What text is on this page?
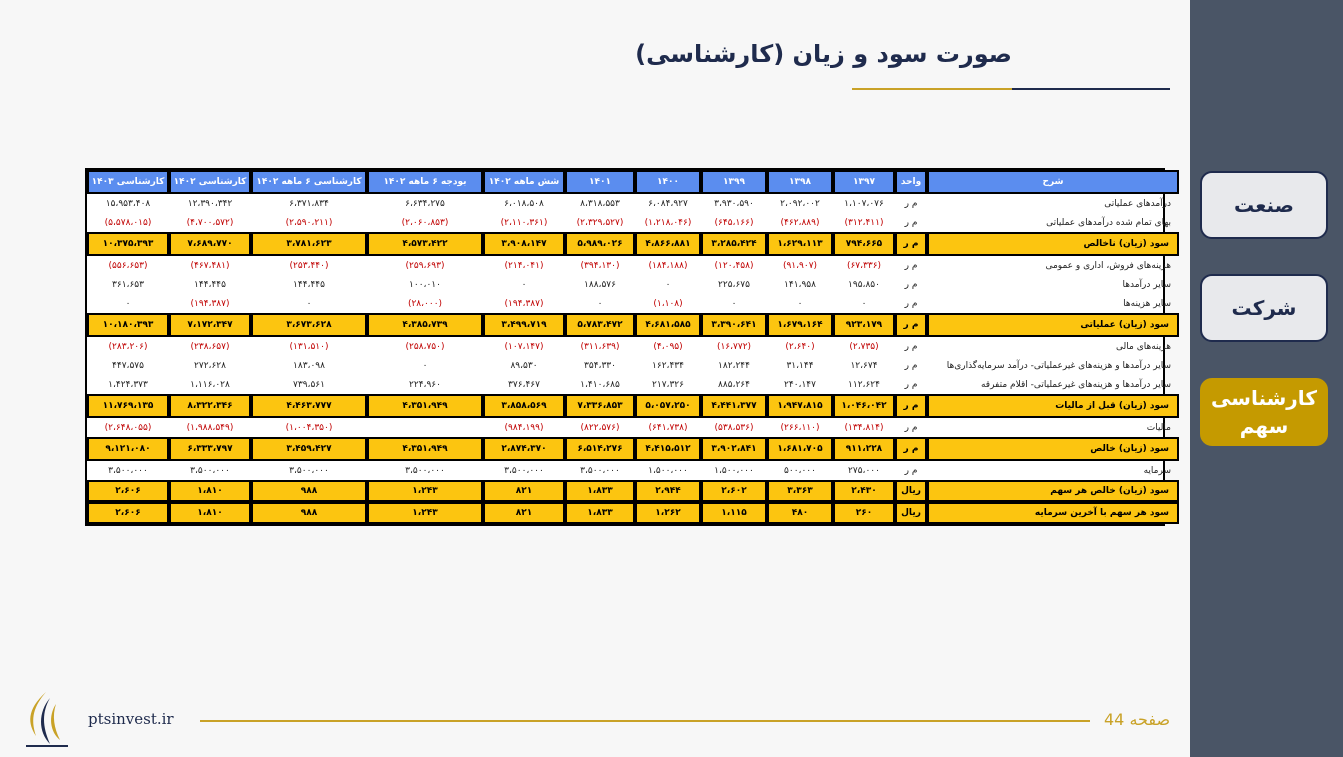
صورت سود و زیان (کارشناسی)
شرح	واحد	۱۳۹۷	۱۳۹۸	۱۳۹۹	۱۴۰۰	۱۴۰۱	شش ماهه ۱۴۰۲	بودجه ۶ ماهه ۱۴۰۲	کارشناسی ۶ ماهه ۱۴۰۲	کارشناسی ۱۴۰۲	کارشناسی ۱۴۰۳
درآمدهای عملیاتی	م ر	۱،۱۰۷،۰۷۶	۲،۰۹۲،۰۰۲	۳،۹۳۰،۵۹۰	۶،۰۸۴،۹۲۷	۸،۳۱۸،۵۵۳	۶،۰۱۸،۵۰۸	۶،۶۳۴،۲۷۵	۶،۳۷۱،۸۳۴	۱۲،۳۹۰،۳۴۲	۱۵،۹۵۳،۴۰۸
بهای تمام شده درآمدهای عملیاتی	م ر	(۳۱۲،۴۱۱)	(۴۶۲،۸۸۹)	(۶۴۵،۱۶۶)	(۱،۲۱۸،۰۴۶)	(۲،۳۲۹،۵۲۷)	(۲،۱۱۰،۳۶۱)	(۲،۰۶۰،۸۵۳)	(۲،۵۹۰،۲۱۱)	(۴،۷۰۰،۵۷۲)	(۵،۵۷۸،۰۱۵)
سود (زیان) ناخالص	م ر	۷۹۴،۶۶۵	۱،۶۲۹،۱۱۳	۳،۲۸۵،۴۲۴	۴،۸۶۶،۸۸۱	۵،۹۸۹،۰۲۶	۳،۹۰۸،۱۴۷	۴،۵۷۳،۴۲۲	۳،۷۸۱،۶۲۳	۷،۶۸۹،۷۷۰	۱۰،۳۷۵،۳۹۳
هزینه‌های فروش، اداری و عمومی	م ر	(۶۷،۳۳۶)	(۹۱،۹۰۷)	(۱۲۰،۴۵۸)	(۱۸۴،۱۸۸)	(۳۹۴،۱۳۰)	(۲۱۴،۰۴۱)	(۲۵۹،۶۹۳)	(۲۵۳،۴۴۰)	(۴۶۷،۴۸۱)	(۵۵۶،۶۵۳)
سایر درآمدها	م ر	۱۹۵،۸۵۰	۱۴۱،۹۵۸	۲۲۵،۶۷۵	۰	۱۸۸،۵۷۶	۰	۱۰۰،۰۱۰	۱۴۴،۴۴۵	۱۴۴،۴۴۵	۳۶۱،۶۵۳
سایر هزینه‌ها	م ر	۰	۰	۰	(۱،۱۰۸)	۰	(۱۹۴،۳۸۷)	(۲۸،۰۰۰)	۰	(۱۹۴،۳۸۷)	۰
سود (زیان) عملیاتی	م ر	۹۲۳،۱۷۹	۱،۶۷۹،۱۶۴	۳،۳۹۰،۶۴۱	۴،۶۸۱،۵۸۵	۵،۷۸۳،۴۷۲	۳،۴۹۹،۷۱۹	۴،۳۸۵،۷۳۹	۳،۶۷۳،۶۲۸	۷،۱۷۲،۳۴۷	۱۰،۱۸۰،۳۹۳
هزینه‌های مالی	م ر	(۲،۷۳۵)	(۲،۶۴۰)	(۱۶،۷۷۲)	(۴،۰۹۵)	(۳۱۱،۶۳۹)	(۱۰۷،۱۴۷)	(۲۵۸،۷۵۰)	(۱۳۱،۵۱۰)	(۲۳۸،۶۵۷)	(۲۸۳،۲۰۶)
سایر درآمدها و هزینه‌های غیرعملیاتی- درآمد سرمایه‌گذاری‌ها	م ر	۱۲،۶۷۴	۳۱،۱۴۴	۱۸۲،۲۴۴	۱۶۲،۴۳۴	۳۵۴،۳۳۰	۸۹،۵۳۰	۰	۱۸۳،۰۹۸	۲۷۲،۶۲۸	۴۴۷،۵۷۵
سایر درآمدها و هزینه‌های غیرعملیاتی- اقلام متفرقه	م ر	۱۱۲،۶۲۴	۲۴۰،۱۴۷	۸۸۵،۲۶۴	۲۱۷،۳۲۶	۱،۴۱۰،۶۸۵	۳۷۶،۴۶۷	۲۲۴،۹۶۰	۷۳۹،۵۶۱	۱،۱۱۶،۰۲۸	۱،۴۲۴،۳۷۳
سود (زیان) قبل از مالیات	م ر	۱،۰۴۶،۰۴۲	۱،۹۴۷،۸۱۵	۴،۴۴۱،۳۷۷	۵،۰۵۷،۲۵۰	۷،۳۳۶،۸۵۳	۳،۸۵۸،۵۶۹	۴،۳۵۱،۹۴۹	۴،۴۶۳،۷۷۷	۸،۳۲۲،۳۴۶	۱۱،۷۶۹،۱۳۵
مالیات	م ر	(۱۳۴،۸۱۴)	(۲۶۶،۱۱۰)	(۵۳۸،۵۳۶)	(۶۴۱،۷۳۸)	(۸۲۲،۵۷۶)	(۹۸۴،۱۹۹)		(۱،۰۰۴،۳۵۰)	(۱،۹۸۸،۵۴۹)	(۲،۶۴۸،۰۵۵)
سود (زیان) خالص	م ر	۹۱۱،۲۲۸	۱،۶۸۱،۷۰۵	۳،۹۰۲،۸۴۱	۴،۴۱۵،۵۱۲	۶،۵۱۴،۲۷۶	۲،۸۷۴،۳۷۰	۴،۳۵۱،۹۴۹	۳،۴۵۹،۴۲۷	۶،۳۳۳،۷۹۷	۹،۱۲۱،۰۸۰
سرمایه	م ر	۲۷۵،۰۰۰	۵۰۰،۰۰۰	۱،۵۰۰،۰۰۰	۱،۵۰۰،۰۰۰	۳،۵۰۰،۰۰۰	۳،۵۰۰،۰۰۰	۳،۵۰۰،۰۰۰	۳،۵۰۰،۰۰۰	۳،۵۰۰،۰۰۰	۳،۵۰۰،۰۰۰
سود (زیان) خالص هر سهم	ریال	۲،۴۳۰	۳،۳۶۳	۲،۶۰۲	۲،۹۴۴	۱،۸۳۳	۸۲۱	۱،۲۴۳	۹۸۸	۱،۸۱۰	۲،۶۰۶
سود هر سهم با آخرین سرمایه	ریال	۲۶۰	۴۸۰	۱،۱۱۵	۱،۲۶۲	۱،۸۳۳	۸۲۱	۱،۲۴۳	۹۸۸	۱،۸۱۰	۲،۶۰۶
ptsinvest.ir	صفحه 44
صنعت
شرکت
کارشناسی سهم
